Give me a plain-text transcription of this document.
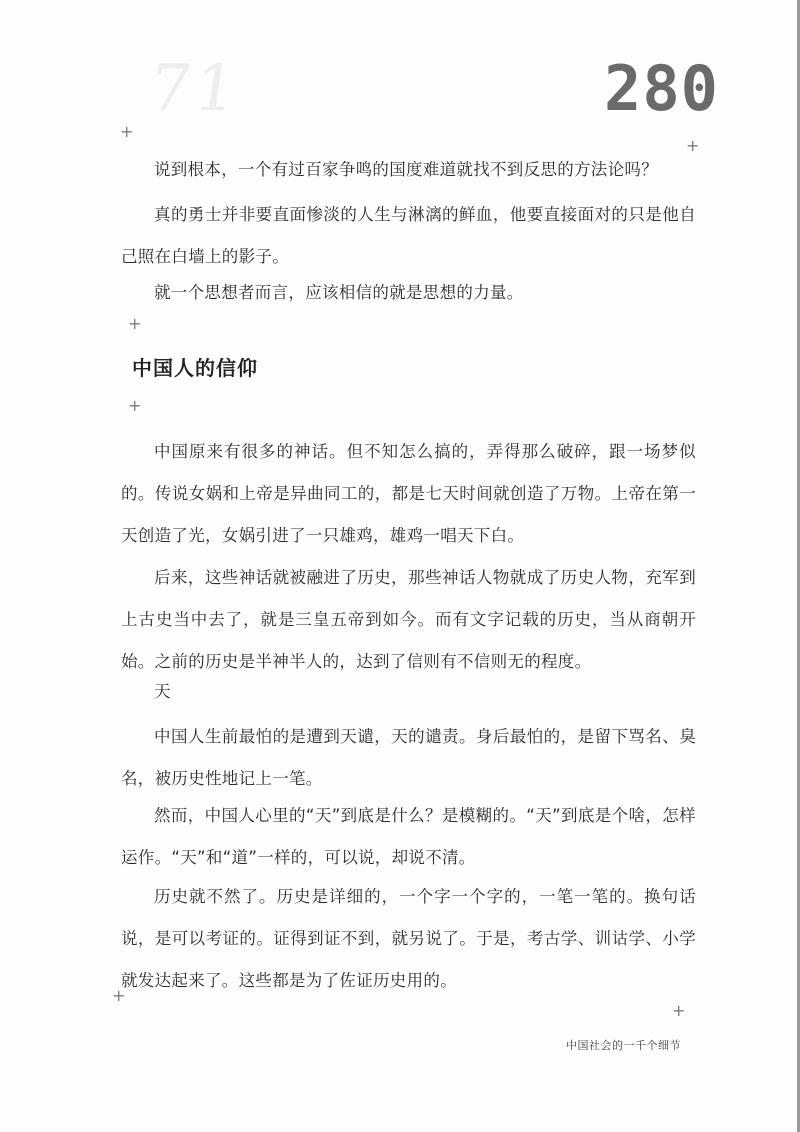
71	280
+
+
+
+
+
+

说到根本，一个有过百家争鸣的国度难道就找不到反思的方法论吗？

真的勇士并非要直面惨淡的人生与淋漓的鲜血，他要直接面对的只是他自己照在白墙上的影子。

就一个思想者而言，应该相信的就是思想的力量。

中国人的信仰

中国原来有很多的神话。但不知怎么搞的，弄得那么破碎，跟一场梦似的。传说女娲和上帝是异曲同工的，都是七天时间就创造了万物。上帝在第一天创造了光，女娲引进了一只雄鸡，雄鸡一唱天下白。

后来，这些神话就被融进了历史，那些神话人物就成了历史人物，充军到上古史当中去了，就是三皇五帝到如今。而有文字记载的历史，当从商朝开始。之前的历史是半神半人的，达到了信则有不信则无的程度。

天

中国人生前最怕的是遭到天谴，天的谴责。身后最怕的，是留下骂名、臭名，被历史性地记上一笔。

然而，中国人心里的“天”到底是什么？是模糊的。“天”到底是个啥，怎样运作。“天”和“道”一样的，可以说，却说不清。

历史就不然了。历史是详细的，一个字一个字的，一笔一笔的。换句话说，是可以考证的。证得到证不到，就另说了。于是，考古学、训诂学、小学就发达起来了。这些都是为了佐证历史用的。

中国社会的一千个细节
